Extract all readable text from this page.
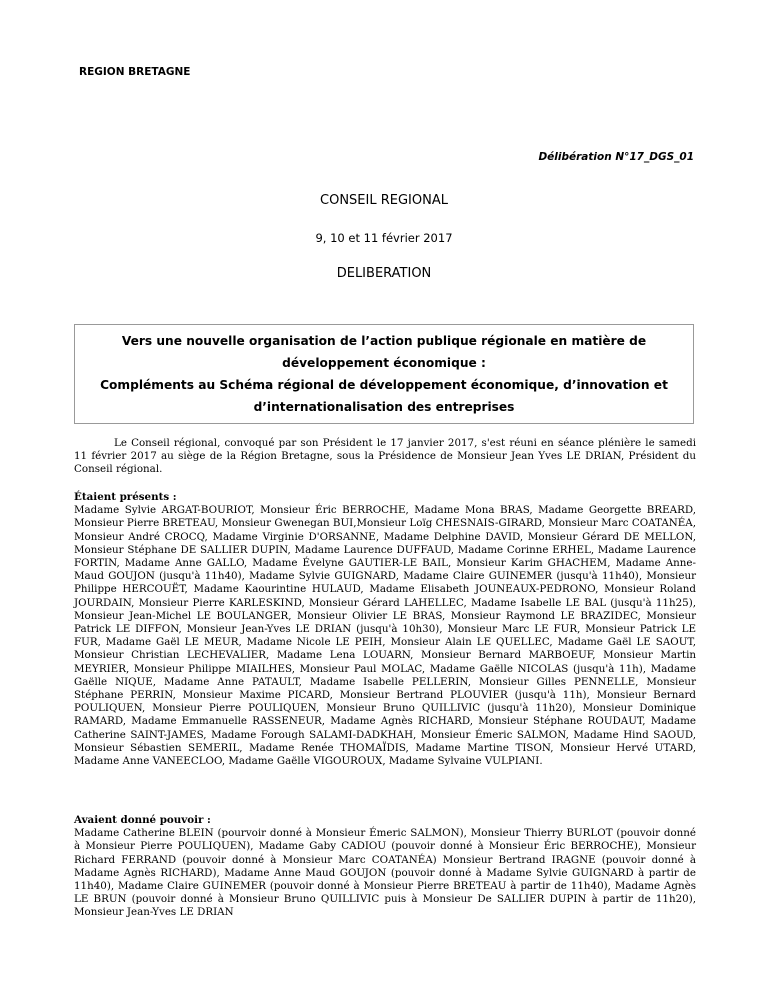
REGION BRETAGNE
Délibération N°17_DGS_01
CONSEIL REGIONAL
9, 10 et 11 février 2017
DELIBERATION
Vers une nouvelle organisation de l’action publique régionale en matière de
développement économique :
Compléments au Schéma régional de développement économique, d’innovation et
d’internationalisation des entreprises
Le Conseil régional, convoqué par son Président le 17 janvier 2017, s'est réuni en séance plénière le samedi 11 février 2017 au siège de la Région Bretagne, sous la Présidence de Monsieur Jean Yves LE DRIAN, Président du Conseil régional.
Étaient présents :
Madame Sylvie ARGAT-BOURIOT, Monsieur Éric BERROCHE, Madame Mona BRAS, Madame Georgette BREARD, Monsieur Pierre BRETEAU, Monsieur Gwenegan BUI,Monsieur Loïg CHESNAIS-GIRARD, Monsieur Marc COATANÉA, Monsieur André CROCQ, Madame Virginie D'ORSANNE, Madame Delphine DAVID, Monsieur Gérard DE MELLON, Monsieur Stéphane DE SALLIER DUPIN, Madame Laurence DUFFAUD, Madame Corinne ERHEL, Madame Laurence FORTIN, Madame Anne GALLO, Madame Évelyne GAUTIER-LE BAIL, Monsieur Karim GHACHEM, Madame Anne-Maud GOUJON (jusqu'à 11h40), Madame Sylvie GUIGNARD, Madame Claire GUINEMER (jusqu'à 11h40), Monsieur Philippe HERCOUËT, Madame Kaourintine HULAUD, Madame Elisabeth JOUNEAUX-PEDRONO, Monsieur Roland JOURDAIN, Monsieur Pierre KARLESKIND, Monsieur Gérard LAHELLEC, Madame Isabelle LE BAL (jusqu'à 11h25), Monsieur Jean-Michel LE BOULANGER, Monsieur Olivier LE BRAS, Monsieur Raymond LE BRAZIDEC, Monsieur Patrick LE DIFFON, Monsieur Jean-Yves LE DRIAN (jusqu'à 10h30), Monsieur Marc LE FUR, Monsieur Patrick LE FUR, Madame Gaël LE MEUR, Madame Nicole LE PEIH, Monsieur Alain LE QUELLEC, Madame Gaël LE SAOUT, Monsieur Christian LECHEVALIER, Madame Lena LOUARN, Monsieur Bernard MARBOEUF, Monsieur Martin MEYRIER, Monsieur Philippe MIAILHES, Monsieur Paul MOLAC, Madame Gaëlle NICOLAS (jusqu'à 11h), Madame Gaëlle NIQUE, Madame Anne PATAULT, Madame Isabelle PELLERIN, Monsieur Gilles PENNELLE, Monsieur Stéphane PERRIN, Monsieur Maxime PICARD, Monsieur Bertrand PLOUVIER (jusqu'à 11h), Monsieur Bernard POULIQUEN, Monsieur Pierre POULIQUEN, Monsieur Bruno QUILLIVIC (jusqu'à 11h20), Monsieur Dominique RAMARD, Madame Emmanuelle RASSENEUR, Madame Agnès RICHARD, Monsieur Stéphane ROUDAUT, Madame Catherine SAINT-JAMES, Madame Forough SALAMI-DADKHAH, Monsieur Émeric SALMON, Madame Hind SAOUD, Monsieur Sébastien SEMERIL, Madame Renée THOMAÏDIS, Madame Martine TISON, Monsieur Hervé UTARD, Madame Anne VANEECLOO, Madame Gaëlle VIGOUROUX, Madame Sylvaine VULPIANI.
Avaient donné pouvoir :
Madame Catherine BLEIN (pourvoir donné à Monsieur Émeric SALMON), Monsieur Thierry BURLOT (pouvoir donné à Monsieur Pierre POULIQUEN), Madame Gaby CADIOU (pouvoir donné à Monsieur Éric BERROCHE), Monsieur Richard FERRAND (pouvoir donné à Monsieur Marc COATANÉA) Monsieur Bertrand IRAGNE (pouvoir donné à Madame Agnès RICHARD), Madame Anne Maud GOUJON (pouvoir donné à Madame Sylvie GUIGNARD à partir de 11h40), Madame Claire GUINEMER (pouvoir donné à Monsieur Pierre BRETEAU à partir de 11h40), Madame Agnès LE BRUN (pouvoir donné à Monsieur Bruno QUILLIVIC puis à Monsieur De SALLIER DUPIN à partir de 11h20), Monsieur Jean-Yves LE DRIAN
